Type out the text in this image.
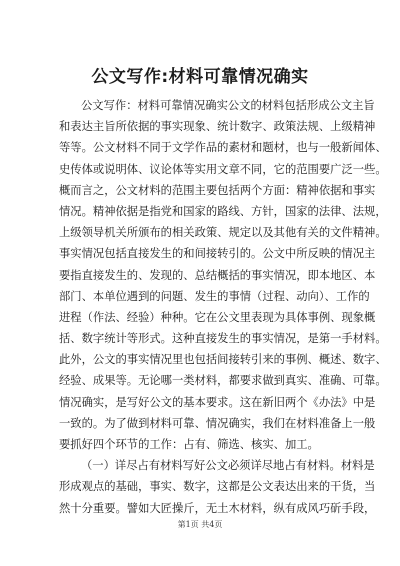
公文写作:材料可靠情况确实
公文写作：材料可靠情况确实公文的材料包括形成公文主旨
和表达主旨所依据的事实现象、统计数字、政策法规、上级精神
等等。公文材料不同于文学作品的素材和题材，也与一般新闻体、
史传体或说明体、议论体等实用文章不同，它的范围要广泛一些。
概而言之，公文材料的范围主要包括两个方面：精神依据和事实
情况。精神依据是指党和国家的路线、方针，国家的法律、法规，
上级领导机关所颁布的相关政策、规定以及其他有关的文件精神。
事实情况包括直接发生的和间接转引的。公文中所反映的情况主
要指直接发生的、发现的、总结概括的事实情况，即本地区、本
部门、本单位遇到的问题、发生的事情（过程、动向）、工作的
进程（作法、经验）种种。它在公文里表现为具体事例、现象概
括、数字统计等形式。这种直接发生的事实情况，是第一手材料。
此外，公文的事实情况里也包括间接转引来的事例、概述、数字、
经验、成果等。无论哪一类材料，都要求做到真实、准确、可靠。
情况确实，是写好公文的基本要求。这在新旧两个《办法》中是
一致的。为了做到材料可靠、情况确实，我们在材料准备上一般
要抓好四个环节的工作：占有、筛选、核实、加工。
（一）详尽占有材料写好公文必须详尽地占有材料。材料是
形成观点的基础，事实、数字，这都是公文表达出来的干货，当
然十分重要。譬如大匠操斤，无土木材料，纵有成风巧斫手段，
第1页 共4页
